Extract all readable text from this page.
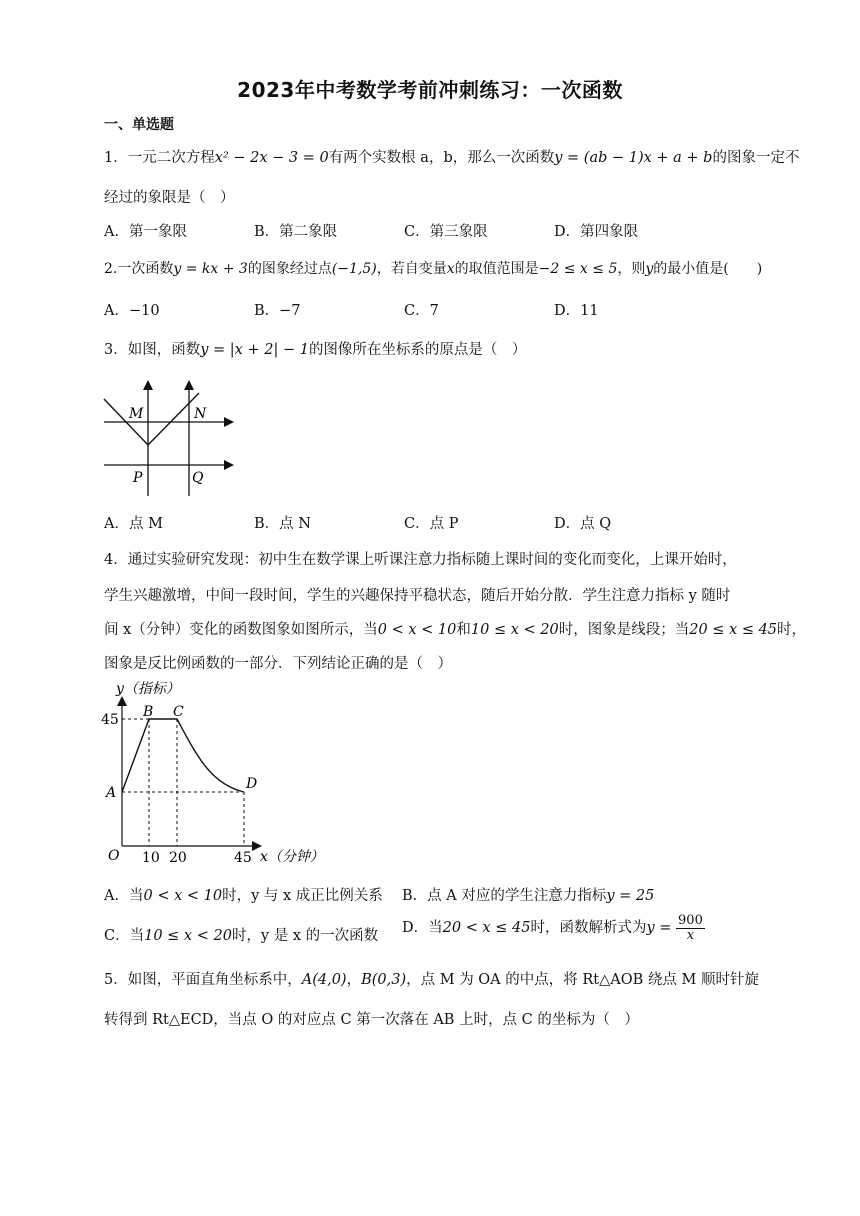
2023年中考数学考前冲刺练习：一次函数
一、单选题
1．一元二次方程x² − 2x − 3 = 0有两个实数根 a，b，那么一次函数y = (ab − 1)x + a + b的图象一定不
经过的象限是（　）
A．第一象限	B．第二象限	C．第三象限	D．第四象限
2.一次函数y = kx + 3的图象经过点(−1,5)，若自变量x的取值范围是−2 ≤ x ≤ 5，则y的最小值是(　　)
A．−10	B．−7	C．7	D．11
3．如图，函数y = |x + 2| − 1的图像所在坐标系的原点是（　）
M	N
P	Q
A．点 M	B．点 N	C．点 P	D．点 Q
4．通过实验研究发现：初中生在数学课上听课注意力指标随上课时间的变化而变化，上课开始时，
学生兴趣激增，中间一段时间，学生的兴趣保持平稳状态，随后开始分散．学生注意力指标 y 随时
间 x（分钟）变化的函数图象如图所示，当0 < x < 10和10 ≤ x < 20时，图象是线段；当20 ≤ x ≤ 45时，
图象是反比例函数的一部分．下列结论正确的是（　）
y（指标）
x（分钟）
O
45
10 20	45
A
B C
D
A．当0 < x < 10时，y 与 x 成正比例关系 B．点 A 对应的学生注意力指标y = 25
C．当10 ≤ x < 20时，y 是 x 的一次函数 D．当20 < x ≤ 45时，函数解析式为$y = \frac{900}{x}$
5．如图，平面直角坐标系中，A(4,0)，B(0,3)，点 M 为 OA 的中点，将 Rt△AOB 绕点 M 顺时针旋
转得到 Rt△ECD，当点 O 的对应点 C 第一次落在 AB 上时，点 C 的坐标为（　）
